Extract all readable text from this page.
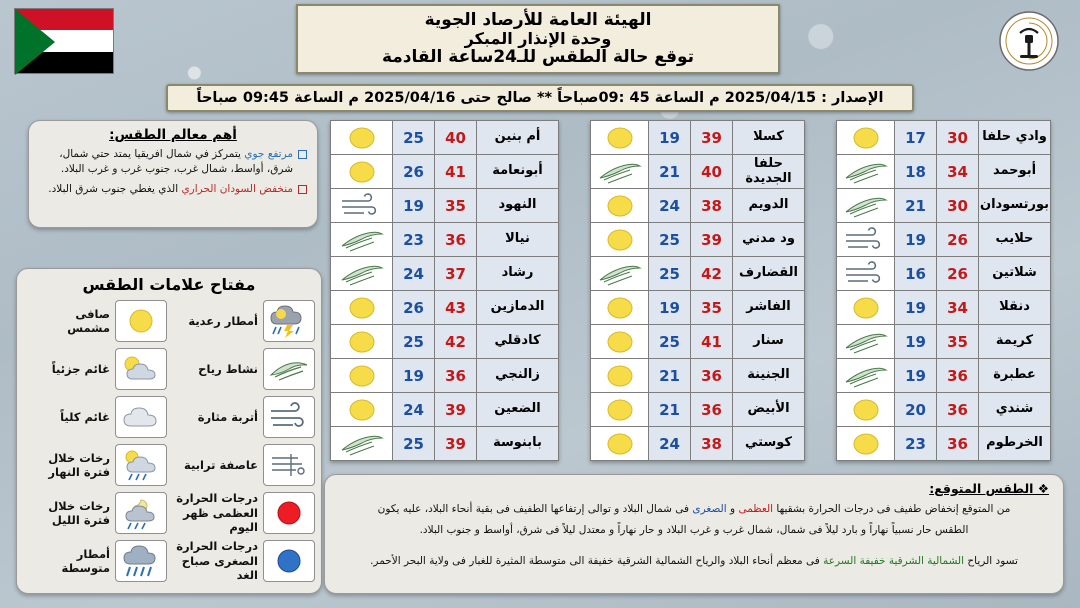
الهيئة العامة للأرصاد الجوية
وحدة الإنذار المبكر
توقع حالة الطقس للـ24ساعة القادمة
الإصدار : 2025/04/15 م الساعة 45 :09صباحاً ** صالح حتى 2025/04/16 م الساعة 09:45 صباحاً
أهم معالم الطقس:
مرتفع جوي يتمركز في شمال افريقيا يمتد حتي شمال، شرق، أواسط، شمال غرب، جنوب غرب و غرب البلاد.
منخفض السودان الحراري الذي يغطي جنوب شرق البلاد.
مفتاح علامات الطقس
أمطار رعدية
صافى
مشمس
نشاط رياح
غائم جزئياً
أتربة مثارة
غائم كلياً
عاصفة ترابية
رخات خلال
فترة النهار
درجات الحرارة
العظمى ظهر اليوم
رخات خلال
فترة الليل
درجات الحرارة
الصغرى صباح الغد
أمطار
متوسطة
وادي حلفا	30	17	

أبوحمد	34	18	

بورتسودان	30	21	

حلايب	26	19	

شلاتين	26	16	

دنقلا	34	19	

كريمة	35	19	

عطبرة	36	19	

شندي	36	20	

الخرطوم	36	23	
كسلا	39	19	

حلفا الجديدة	40	21	

الدويم	38	24	

ود مدني	39	25	

القضارف	42	25	

الفاشر	35	19	

سنار	41	25	

الجنينة	36	21	

الأبيض	36	21	

كوستي	38	24	
أم بنين	40	25	

أبونعامة	41	26	

النهود	35	19	

نيالا	36	23	

رشاد	37	24	

الدمازين	43	26	

كادقلي	42	25	

زالنجي	36	19	

الضعين	39	24	

بابنوسة	39	25	
❖ الطقس المتوقع:
من المتوقع إنخفاض طفيف فى درجات الحرارة بشقيها العظمى و الصغرى فى شمال البلاد و توالى إرتفاعها الطفيف فى بقية أنحاء البلاد، عليه يكون
الطقس حار نسبياً نهاراً و بارد ليلاً فى شمال، شمال غرب و غرب البلاد و حار نهاراً و معتدل ليلاً فى شرق، أواسط و جنوب البلاد.
تسود الرياح الشمالية الشرقية خفيفة السرعة فى معظم أنحاء البلاد والرياح الشمالية الشرقية خفيفة الى متوسطة المثيرة للغبار فى ولاية البحر الأحمر.
